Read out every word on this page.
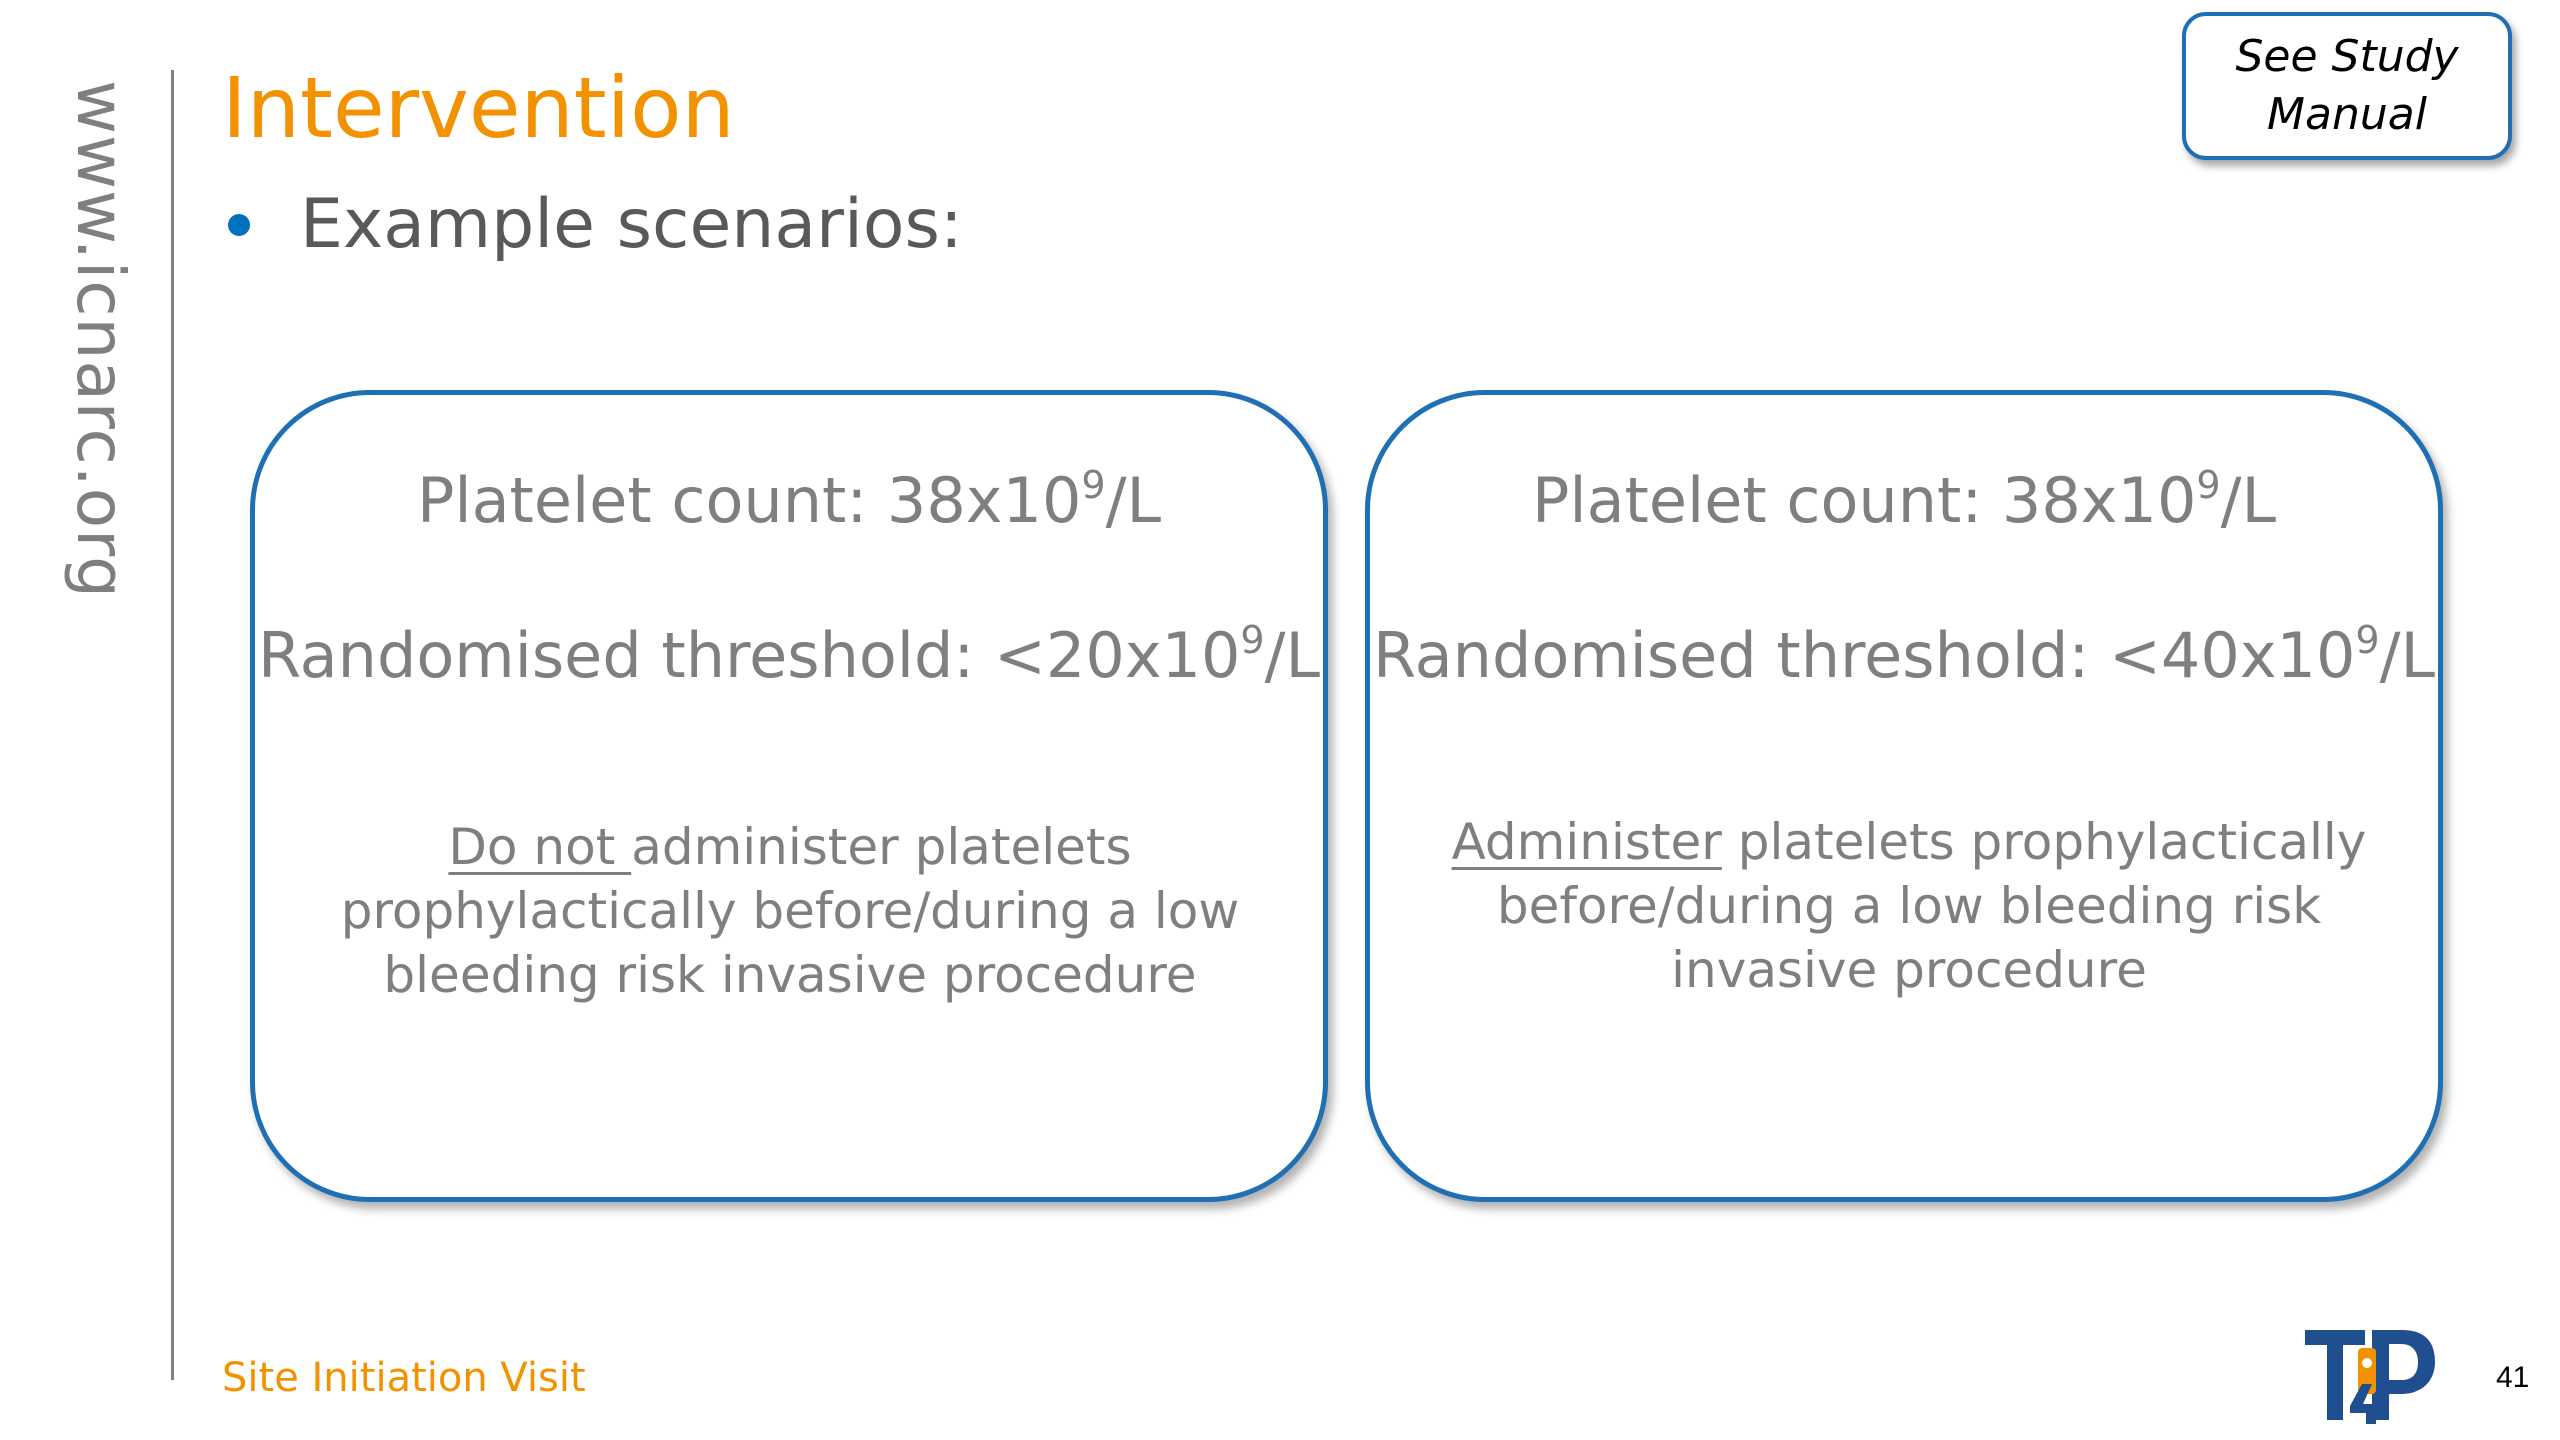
www.icnarc.org Intervention
Example scenarios:
See Study Manual
Platelet count: $38x10^9/L$
Randomised threshold: $<20x10^9/L$
Do not administer platelets prophylactically before/during a low bleeding risk invasive procedure
Platelet count: $38x10^9/L$
Randomised threshold: $<40x10^9/L$
Administer platelets prophylactically before/during a low bleeding risk invasive procedure
Site Initiation Visit	41
